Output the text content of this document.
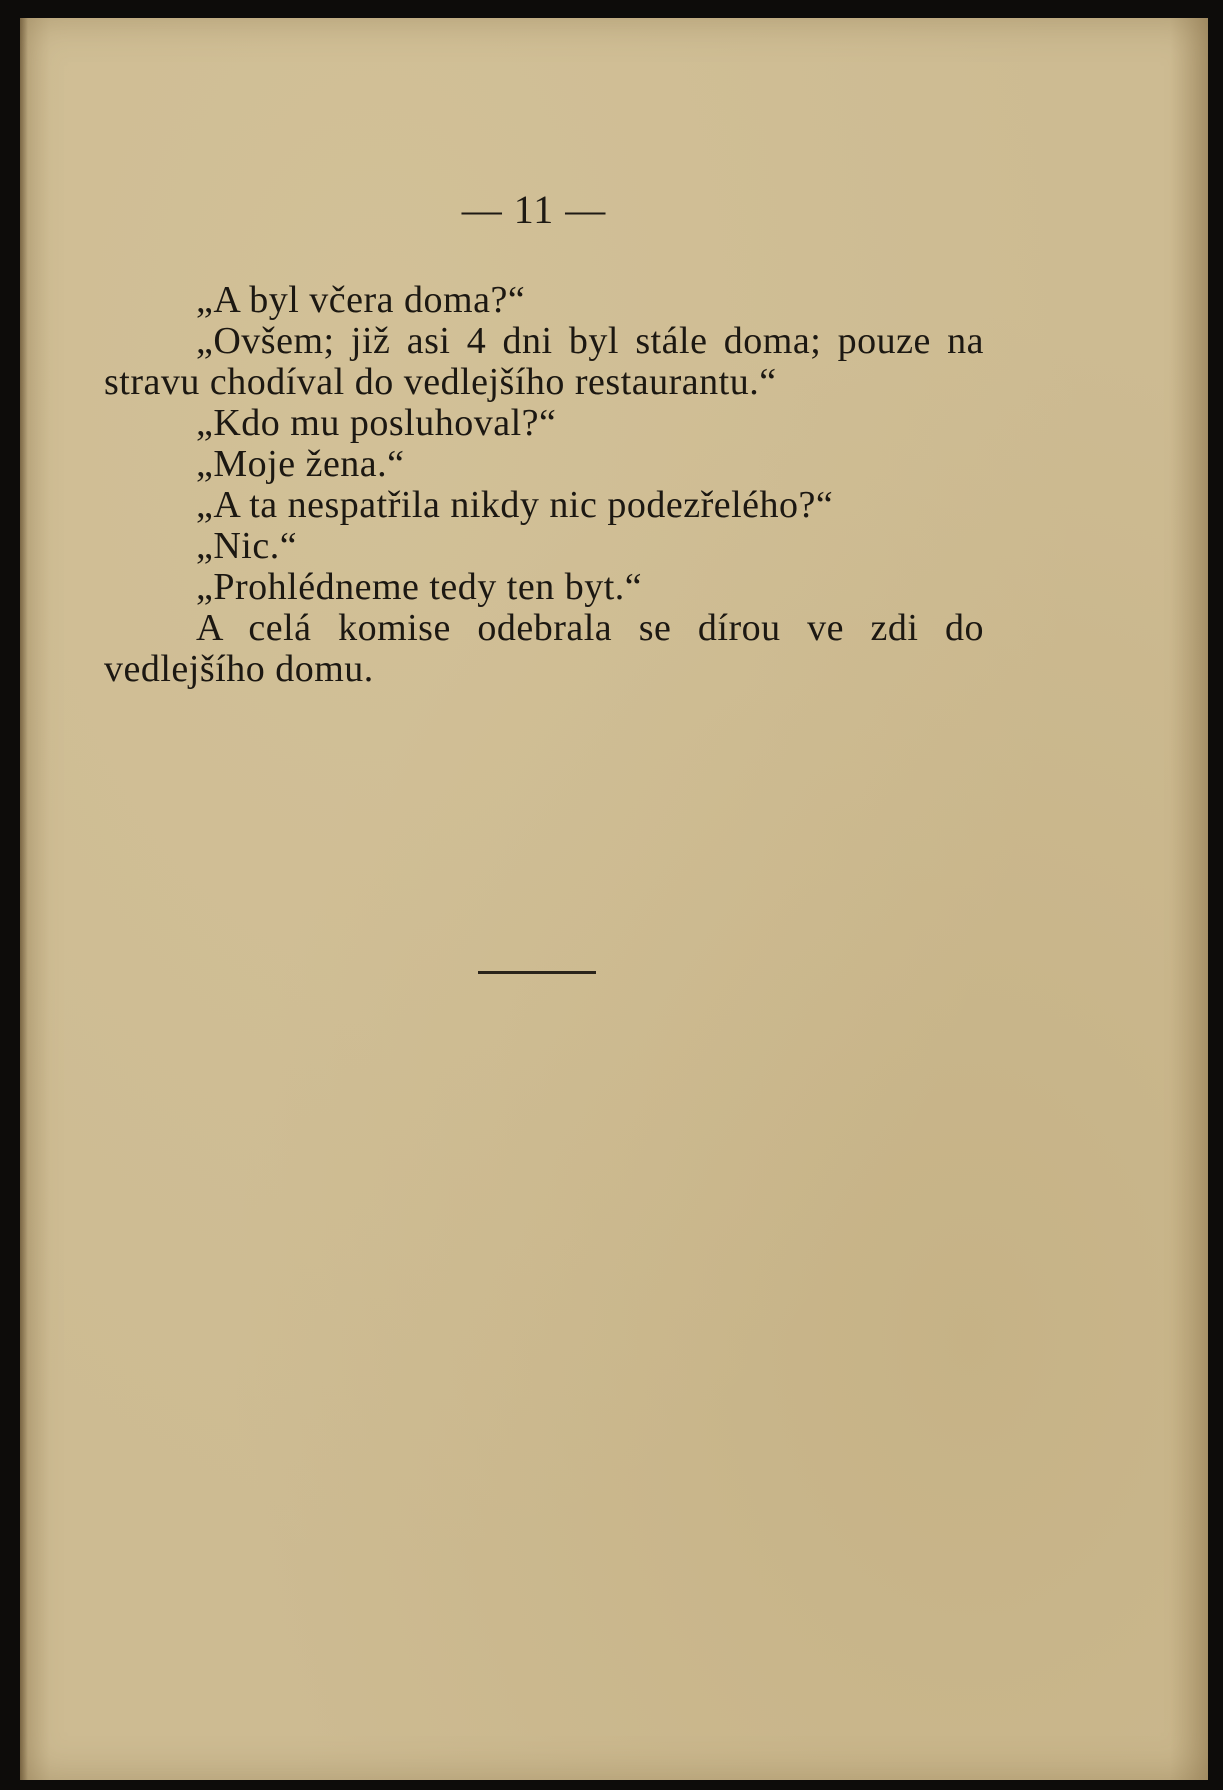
— 11 —

„A byl včera doma?“

„Ovšem; již asi 4 dni byl stále doma; pouze na stravu chodíval do vedlejšího restaurantu.“

„Kdo mu posluhoval?“

„Moje žena.“

„A ta nespatřila nikdy nic podezřelého?“

„Nic.“

„Prohlédneme tedy ten byt.“

A celá komise odebrala se dírou ve zdi do vedlejšího domu.
